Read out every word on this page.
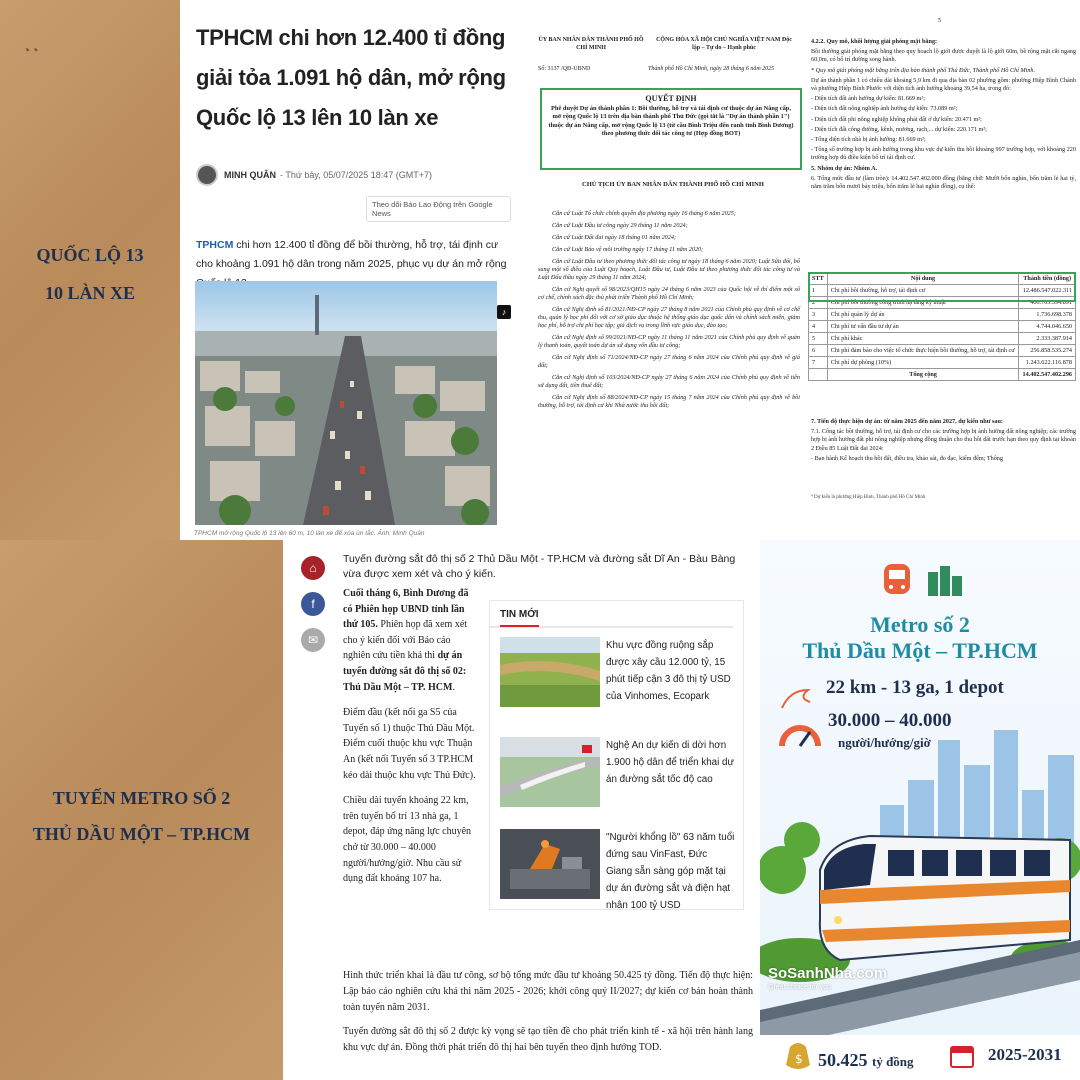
◔◔
QUỐC LỘ 13
10 LÀN XE
TUYẾN METRO SỐ 2
THỦ DẦU MỘT – TP.HCM
TPHCM chi hơn 12.400 tỉ đồng giải tỏa 1.091 hộ dân, mở rộng Quốc lộ 13 lên 10 làn xe
MINH QUÂN - Thứ bảy, 05/07/2025 18:47 (GMT+7)
Theo dõi Báo Lao Động trên Google News

TPHCM chi hơn 12.400 tỉ đồng để bồi thường, hỗ trợ, tái định cư cho khoảng 1.091 hộ dân trong năm 2025, phục vụ dự án mở rộng

♪
TPHCM mở rộng Quốc lộ 13 lên 60 m, 10 làn xe để xóa ùn tắc. Ảnh: Minh Quân
ỦY BAN NHÂN DÂN THÀNH PHỐ HỒ CHÍ MINH
CỘNG HÒA XÃ HỘI CHỦ NGHĨA VIỆT NAM Độc lập – Tự do – Hạnh phúc
Số: 3137 /QĐ-UBND	Thành phố Hồ Chí Minh, ngày 28 tháng 6 năm 2025
QUYẾT ĐỊNH
Phê duyệt Dự án thành phần 1: Bồi thường, hỗ trợ và tái định cư thuộc dự án Nâng cấp, mở rộng Quốc lộ 13 trên địa bàn thành phố Thủ Đức (gọi tắt là "Dự án thành phần 1") thuộc dự án Nâng cấp, mở rộng Quốc lộ 13 (từ cầu Bình Triệu đến ranh tỉnh Bình Dương) theo phương thức đối tác công tư (Hợp đồng BOT)
CHỦ TỊCH ỦY BAN NHÂN DÂN THÀNH PHỐ HỒ CHÍ MINH

Căn cứ Luật Tổ chức chính quyền địa phương ngày 16 tháng 6 năm 2025;

Căn cứ Luật Đầu tư công ngày 29 tháng 11 năm 2024;

Căn cứ Luật Đất đai ngày 18 tháng 01 năm 2024;

Căn cứ Luật Bảo vệ môi trường ngày 17 tháng 11 năm 2020;

Căn cứ Luật Đầu tư theo phương thức đối tác công tư ngày 18 tháng 6 năm 2020; Luật Sửa đổi, bổ sung một số điều của Luật Quy hoạch, Luật Đầu tư, Luật Đầu tư theo phương thức đối tác công tư và Luật Đấu thầu ngày 29 tháng 11 năm 2024;

Căn cứ Nghị quyết số 98/2023/QH15 ngày 24 tháng 6 năm 2023 của Quốc hội về thí điểm một số cơ chế, chính sách đặc thù phát triển Thành phố Hồ Chí Minh;

Căn cứ Nghị định số 81/2021/NĐ-CP ngày 27 tháng 8 năm 2021 của Chính phủ quy định về cơ chế thu, quản lý học phí đối với cơ sở giáo dục thuộc hệ thống giáo dục quốc dân và chính sách miễn, giảm học phí, hỗ trợ chi phí học tập; giá dịch vụ trong lĩnh vực giáo dục, đào tạo;

Căn cứ Nghị định số 99/2021/NĐ-CP ngày 11 tháng 11 năm 2021 của Chính phủ quy định về quản lý thanh toán, quyết toán dự án sử dụng vốn đầu tư công;

Căn cứ Nghị định số 71/2024/NĐ-CP ngày 27 tháng 6 năm 2024 của Chính phủ quy định về giá đất;

Căn cứ Nghị định số 103/2024/NĐ-CP ngày 27 tháng 6 năm 2024 của Chính phủ quy định về tiền sử dụng đất, tiền thuê đất;

Căn cứ Nghị định số 88/2024/NĐ-CP ngày 15 tháng 7 năm 2024 của Chính phủ quy định về bồi thường, hỗ trợ, tái định cư khi Nhà nước thu hồi đất;

5

4.2.2. Quy mô, khối lượng giải phóng mặt bằng:

Bồi thường giải phóng mặt bằng theo quy hoạch lộ giới được duyệt là lộ giới 60m, bề rộng mặt cắt ngang 60,0m, có bố trí đường song hành.

* Quy mô giải phóng mặt bằng trên địa bàn thành phố Thủ Đức, Thành phố Hồ Chí Minh.

Dự án thành phần 1 có chiều dài khoảng 5,9 km đi qua địa bàn 02 phường gồm: phường Hiệp Bình Chánh và phường Hiệp Bình Phước với diện tích ảnh hưởng khoảng 39,54 ha, trong đó:

- Diện tích đất ảnh hưởng dự kiến: 81.669 m²;

- Diện tích đất nông nghiệp ảnh hưởng dự kiến: 73.089 m²;

- Diện tích đất phi nông nghiệp không phải đất ở dự kiến: 20.471 m²;

- Diện tích đất công đường, kênh, mương, rạch,... dự kiến: 220.171 m²;

- Tổng diện tích nhà bị ảnh hưởng: 81.669 m²;

- Tổng số trường hợp bị ảnh hưởng trong khu vực dự kiến thu hồi khoảng 997 trường hợp, với khoảng 220 trường hợp đủ điều kiện bố trí tái định cư.

5. Nhóm dự án: Nhóm A.

6. Tổng mức đầu tư (làm tròn): 14.402.547.402.000 đồng (bằng chữ: Mười bốn nghìn, bốn trăm lẻ hai tỷ, năm trăm bốn mươi bảy triệu, bốn trăm lẻ hai nghìn đồng), cụ thể:

STT	Nội dung	Thành tiền (đồng)
1	Chi phí bồi thường, hỗ trợ, tái định cư	12.486.547.022.311
2	Chi phí bồi thường công trình hạ tầng kỹ thuật	406.705.594.891
3	Chi phí quản lý dự án	1.736.698.378
4	Chi phí tư vấn đầu tư dự án	4.744.046.650
5	Chi phí khác	2.333.387.914
6	Chi phí đảm bảo cho việc tổ chức thực hiện bồi thường, hỗ trợ, tái định cư	256.858.535.274
7	Chi phí dự phòng (10%)	1.243.622.116.878
	Tổng cộng	14.402.547.402.296

7. Tiến độ thực hiện dự án: từ năm 2025 đến năm 2027, dự kiến như sau:

7.1. Công tác bồi thường, hỗ trợ, tái định cư cho các trường hợp bị ảnh hưởng đất nông nghiệp; các trường hợp bị ảnh hưởng đất phi nông nghiệp nhưng đồng thuận cho thu hồi đất trước hạn theo quy định tại khoản 2 Điều 85 Luật Đất đai 2024:

- Ban hành Kế hoạch thu hồi đất, điều tra, khảo sát, đo đạc, kiểm đếm; Thông

⁴ Dự kiến là phường Hiệp Bình, Thành phố Hồ Chí Minh
⌂
f
✉
Tuyến đường sắt đô thị số 2 Thủ Dầu Một - TP.HCM và đường sắt Dĩ An - Bàu Bàng vừa được xem xét và cho ý kiến.

Cuối tháng 6, Bình Dương đã có Phiên họp UBND tỉnh lần thứ 105. Phiên họp đã xem xét cho ý kiến đối với Báo cáo nghiên cứu tiền khả thi dự án tuyến đường sắt đô thị số 02: Thủ Dầu Một – TP. HCM.

Điểm đầu (kết nối ga S5 của Tuyến số 1) thuộc Thủ Dầu Một. Điểm cuối thuộc khu vực Thuận An (kết nối Tuyến số 3 TP.HCM kéo dài thuộc khu vực Thủ Đức).

Chiều dài tuyến khoảng 22 km, trên tuyến bố trí 13 nhà ga, 1 depot, đáp ứng năng lực chuyên chở từ 30.000 – 40.000 người/hướng/giờ. Nhu cầu sử dụng đất khoảng 107 ha.

TIN MỚI
Khu vực đồng ruộng sắp được xây cầu 12.000 tỷ, 15 phút tiếp cận 3 đô thị tỷ USD của Vinhomes, Ecopark
Nghệ An dự kiến di dời hơn 1.900 hộ dân để triển khai dự án đường sắt tốc độ cao
"Người khổng lồ" 63 năm tuổi đứng sau VinFast, Đức Giang sẵn sàng góp mặt tại dự án đường sắt và điện hạt nhân 100 tỷ USD

Hình thức triển khai là đầu tư công, sơ bộ tổng mức đầu tư khoảng 50.425 tỷ đồng. Tiến độ thực hiện: Lập báo cáo nghiên cứu khả thi năm 2025 - 2026; khởi công quý II/2027; dự kiến cơ bản hoàn thành toàn tuyến năm 2031.

Tuyến đường sắt đô thị số 2 được kỳ vọng sẽ tạo tiền đề cho phát triển kinh tế - xã hội trên hành lang khu vực dự án. Đồng thời phát triển đô thị hai bên tuyến theo định hướng TOD.

Metro số 2
Thủ Dầu Một – TP.HCM
22 km - 13 ga, 1 depot
30.000 – 40.000
người/hướng/giờ
SoSanhNha.com
Great choice for you
$ 50.425 tỷ đồng	2025-2031
